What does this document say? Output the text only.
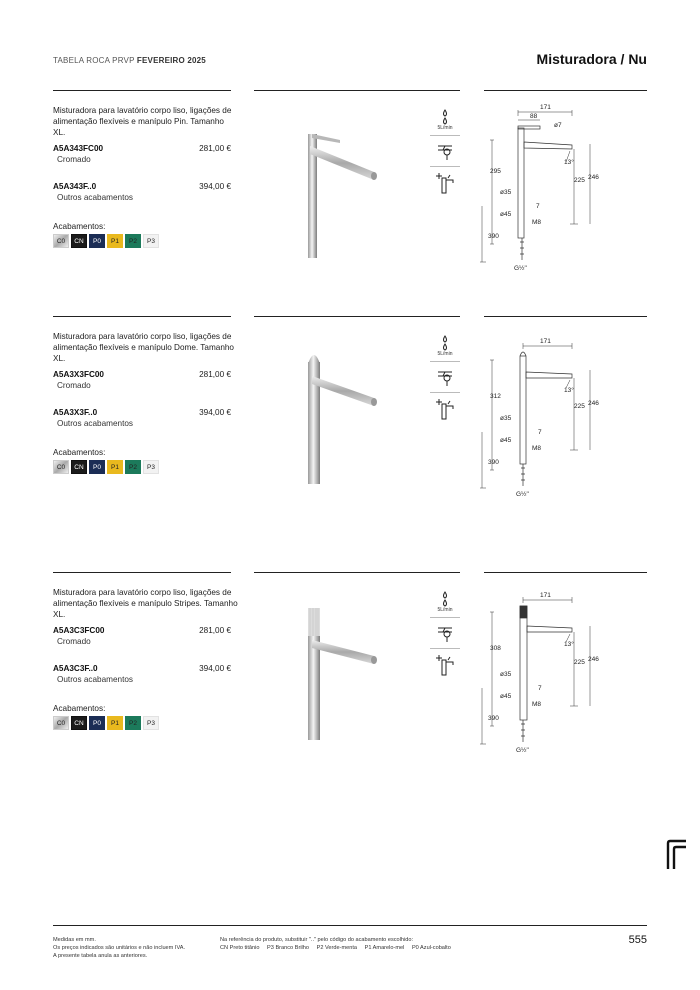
TABELA ROCA PRVP FEVEREIRO 2025	Misturadora / Nu
Misturadora para lavatório corpo liso, ligações de alimentação flexíveis e manípulo Pin. Tamanho XL.
A5A343FC00	281,00 €
Cromado
A5A343F..0	394,00 €
Outros acabamentos
Acabamentos:
C0	CN	P0	P1	P2	P3
5L/min
171
88
ø7
295
13°
225 246
ø35
7
ø45
M8
390
G½"
Misturadora para lavatório corpo liso, ligações de alimentação flexíveis e manípulo Dome. Tamanho XL.
A5A3X3FC00	281,00 €
Cromado
A5A3X3F..0	394,00 €
Outros acabamentos
Acabamentos:
C0	CN	P0	P1	P2	P3
5L/min
171
312
13°
225 246
ø35
7
ø45
M8
390
G½"
Misturadora para lavatório corpo liso, ligações de alimentação flexíveis e manípulo Stripes. Tamanho XL.
A5A3C3FC00	281,00 €
Cromado
A5A3C3F..0	394,00 €
Outros acabamentos
Acabamentos:
C0	CN	P0	P1	P2	P3
5L/min
171
308
13°
225 246
ø35
7
ø45
M8
390
G½"
Medidas em mm.
Os preços indicados são unitários e não incluem IVA.
A presente tabela anula as anteriores.
Na referência do produto, substituir ".." pelo código do acabamento escolhido:
CN Preto titânio P3 Branco Brilho P2 Verde-menta P1 Amarelo-mel P0 Azul-cobalto
555
